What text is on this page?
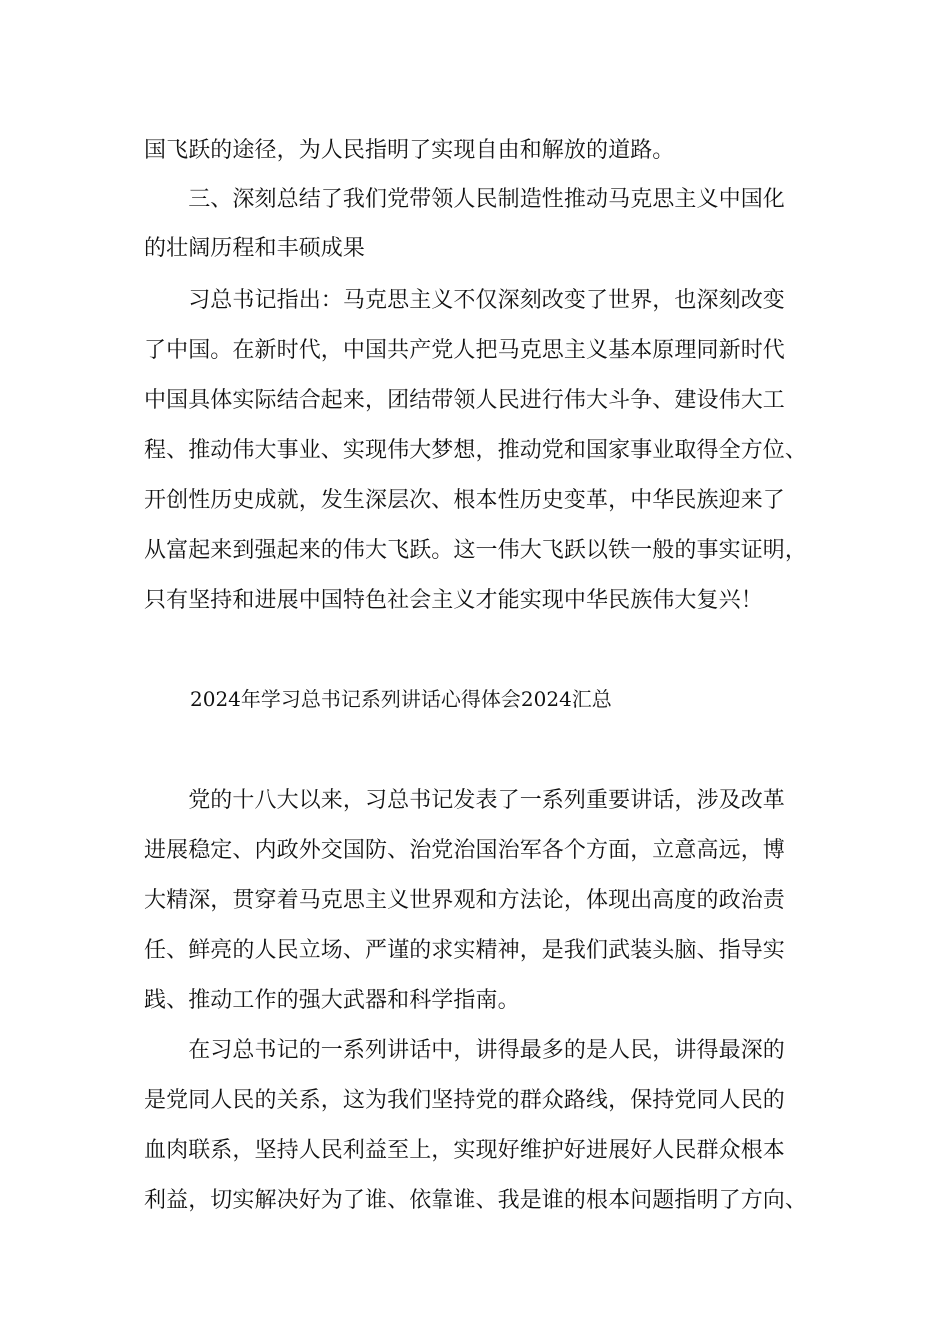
国飞跃的途径，为人民指明了实现自由和解放的道路。
　　三、深刻总结了我们党带领人民制造性推动马克思主义中国化
的壮阔历程和丰硕成果
　　习总书记指出：马克思主义不仅深刻改变了世界，也深刻改变
了中国。在新时代，中国共产党人把马克思主义基本原理同新时代
中国具体实际结合起来，团结带领人民进行伟大斗争、建设伟大工
程、推动伟大事业、实现伟大梦想，推动党和国家事业取得全方位、
开创性历史成就，发生深层次、根本性历史变革，中华民族迎来了
从富起来到强起来的伟大飞跃。这一伟大飞跃以铁一般的事实证明，
只有坚持和进展中国特色社会主义才能实现中华民族伟大复兴！
2024年学习总书记系列讲话心得体会2024汇总
　　党的十八大以来，习总书记发表了一系列重要讲话，涉及改革
进展稳定、内政外交国防、治党治国治军各个方面，立意高远，博
大精深，贯穿着马克思主义世界观和方法论，体现出高度的政治责
任、鲜亮的人民立场、严谨的求实精神，是我们武装头脑、指导实
践、推动工作的强大武器和科学指南。
　　在习总书记的一系列讲话中，讲得最多的是人民，讲得最深的
是党同人民的关系，这为我们坚持党的群众路线，保持党同人民的
血肉联系，坚持人民利益至上，实现好维护好进展好人民群众根本
利益，切实解决好为了谁、依靠谁、我是谁的根本问题指明了方向、
